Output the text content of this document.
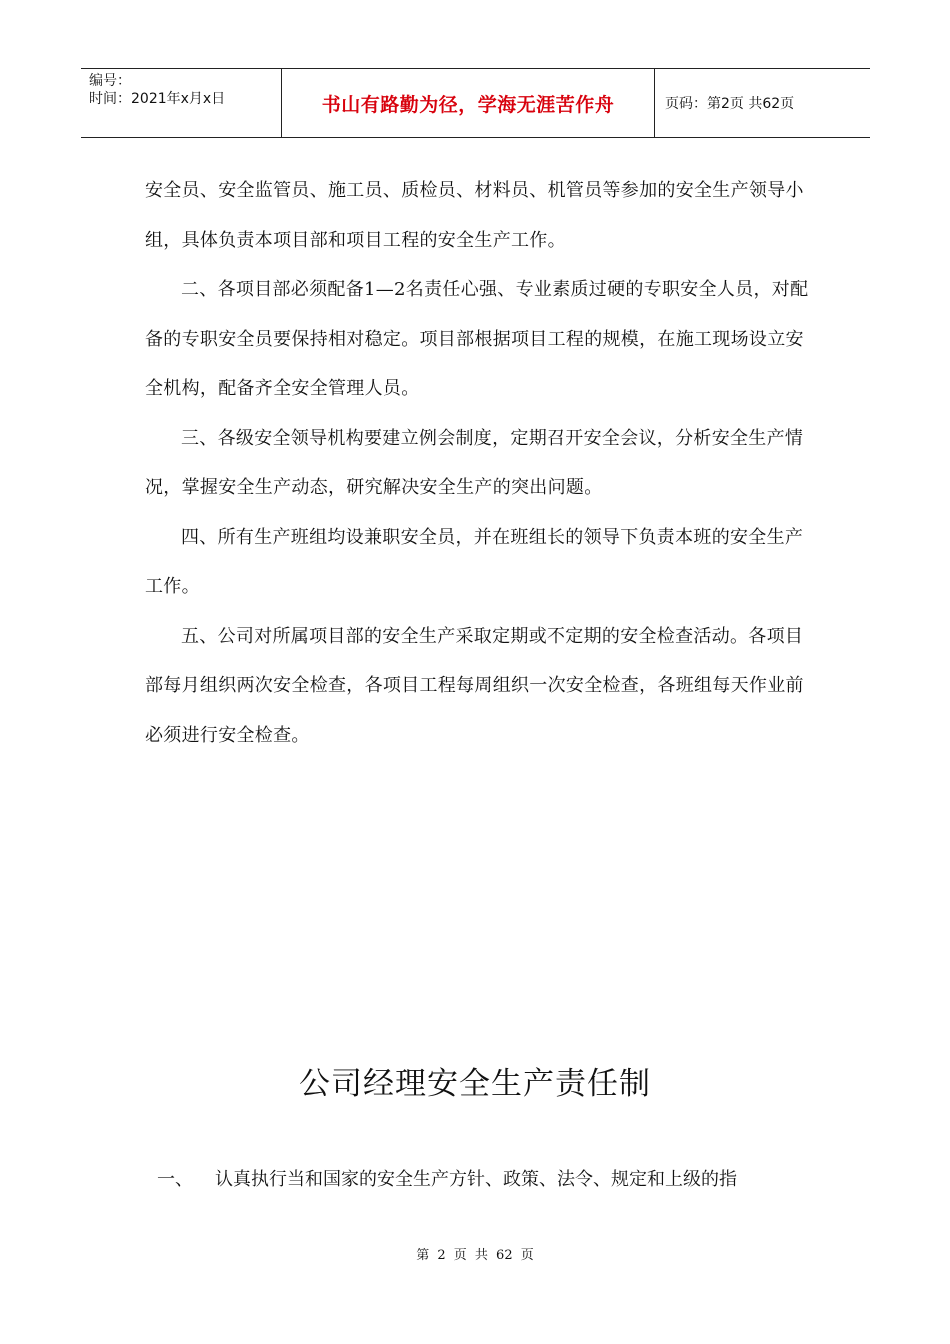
编号：
时间：2021年x月x日	书山有路勤为径，学海无涯苦作舟	页码：第2页 共62页

安全员、安全监管员、施工员、质检员、材料员、机管员等参加的安全生产领导小组，具体负责本项目部和项目工程的安全生产工作。

二、各项目部必须配备1—2名责任心强、专业素质过硬的专职安全人员，对配备的专职安全员要保持相对稳定。项目部根据项目工程的规模，在施工现场设立安全机构，配备齐全安全管理人员。

三、各级安全领导机构要建立例会制度，定期召开安全会议，分析安全生产情况，掌握安全生产动态，研究解决安全生产的突出问题。

四、所有生产班组均设兼职安全员，并在班组长的领导下负责本班的安全生产工作。

五、公司对所属项目部的安全生产采取定期或不定期的安全检查活动。各项目部每月组织两次安全检查，各项目工程每周组织一次安全检查，各班组每天作业前必须进行安全检查。

公司经理安全生产责任制
一、	认真执行当和国家的安全生产方针、政策、法令、规定和上级的指
第 2 页 共 62 页
